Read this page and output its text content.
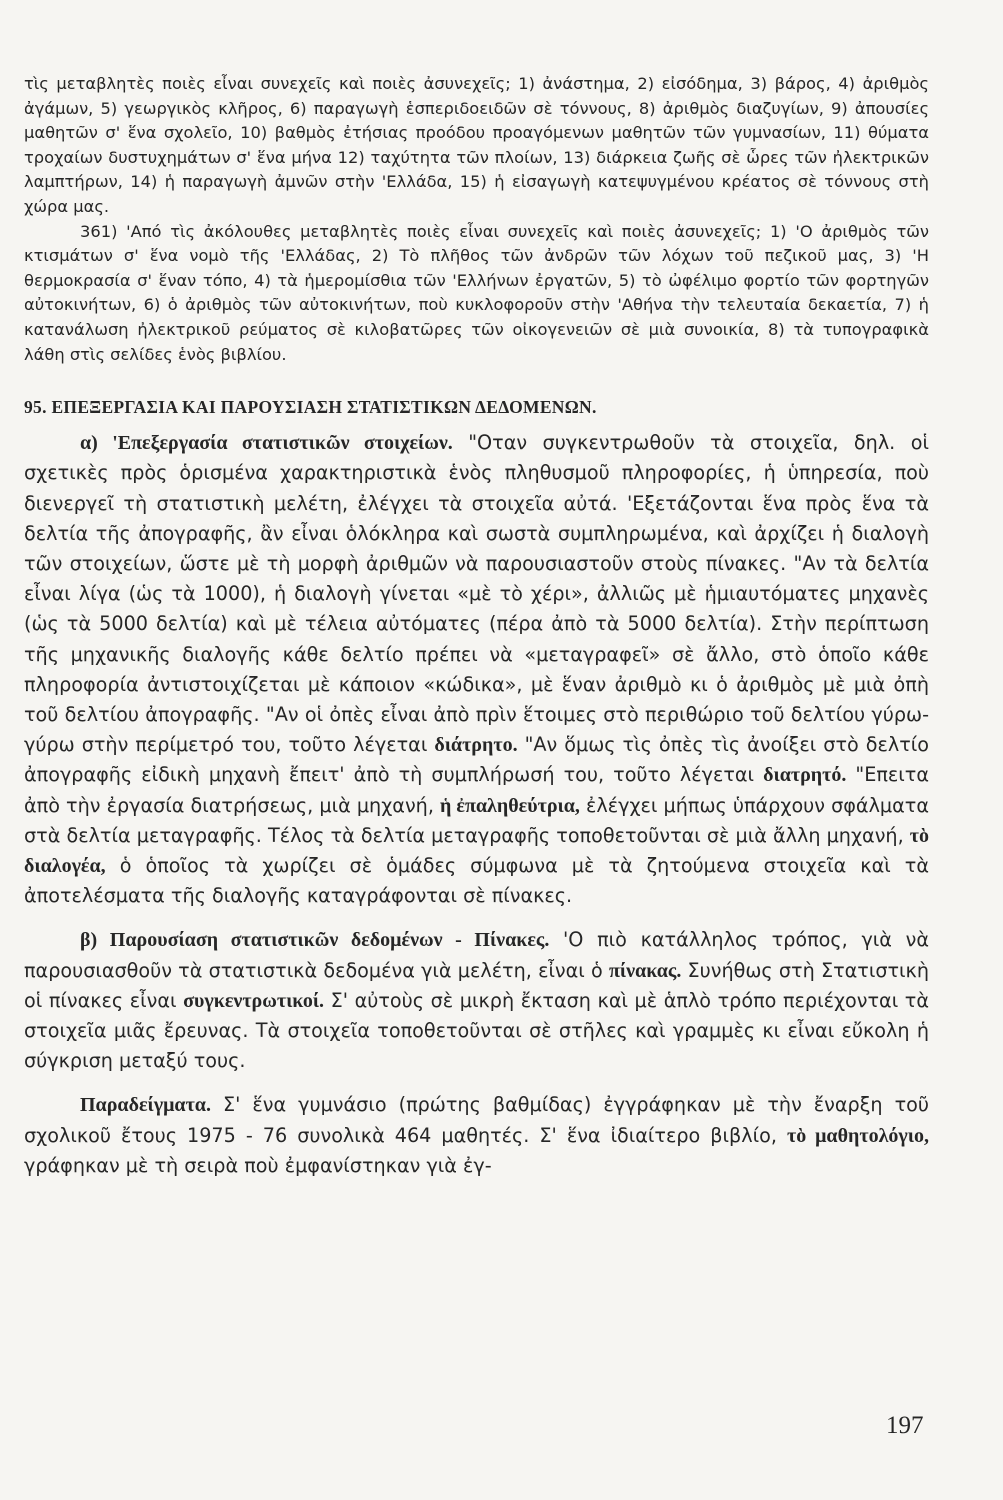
τὶς μεταβλητὲς ποιὲς εἶναι συνεχεῖς καὶ ποιὲς ἀσυνεχεῖς; 1) ἀνάστημα, 2) εἰσόδημα, 3) βάρος, 4) ἀριθμὸς ἀγάμων, 5) γεωργικὸς κλῆρος, 6) παραγωγὴ ἑσπεριδοειδῶν σὲ τόννους, 8) ἀριθμὸς διαζυγίων, 9) ἀπουσίες μαθητῶν σ' ἕνα σχολεῖο, 10) βαθμὸς ἐτήσιας προόδου προαγόμενων μαθητῶν τῶν γυμνασίων, 11) θύματα τροχαίων δυστυχημάτων σ' ἕνα μήνα 12) ταχύτητα τῶν πλοίων, 13) διάρκεια ζωῆς σὲ ὧρες τῶν ἠλεκτρικῶν λαμπτήρων, 14) ἡ παραγωγὴ ἀμνῶν στὴν 'Ελλάδα, 15) ἡ εἰσαγωγὴ κατεψυγμένου κρέατος σὲ τόννους στὴ χώρα μας.

361) 'Από τὶς ἀκόλουθες μεταβλητὲς ποιὲς εἶναι συνεχεῖς καὶ ποιὲς ἀσυνεχεῖς; 1) 'Ο ἀριθμὸς τῶν κτισμάτων σ' ἕνα νομὸ τῆς 'Ελλάδας, 2) Τὸ πλῆθος τῶν ἀνδρῶν τῶν λόχων τοῦ πεζικοῦ μας, 3) 'Η θερμοκρασία σ' ἕναν τόπο, 4) τὰ ἡμερομίσθια τῶν 'Ελλήνων ἐργατῶν, 5) τὸ ὠφέλιμο φορτίο τῶν φορτηγῶν αὐτοκινήτων, 6) ὁ ἀριθμὸς τῶν αὐτοκινήτων, ποὺ κυκλοφοροῦν στὴν 'Αθήνα τὴν τελευταία δεκαετία, 7) ἡ κατανάλωση ἠλεκτρικοῦ ρεύματος σὲ κιλοβατῶρες τῶν οἰκογενειῶν σὲ μιὰ συνοικία, 8) τὰ τυπογραφικὰ λάθη στὶς σελίδες ἑνὸς βιβλίου.

95. ΕΠΕΞΕΡΓΑΣΙΑ ΚΑΙ ΠΑΡΟΥΣΙΑΣΗ ΣΤΑΤΙΣΤΙΚΩΝ ΔΕΔΟΜΕΝΩΝ.

α) 'Επεξεργασία στατιστικῶν στοιχείων. "Οταν συγκεντρωθοῦν τὰ στοιχεῖα, δηλ. οἱ σχετικὲς πρὸς ὁρισμένα χαρακτηριστικὰ ἑνὸς πληθυσμοῦ πληροφορίες, ἡ ὑπηρεσία, ποὺ διενεργεῖ τὴ στατιστικὴ μελέτη, ἐλέγχει τὰ στοιχεῖα αὐτά. 'Εξετάζονται ἕνα πρὸς ἕνα τὰ δελτία τῆς ἀπογραφῆς, ἂν εἶναι ὁλόκληρα καὶ σωστὰ συμπληρωμένα, καὶ ἀρχίζει ἡ διαλογὴ τῶν στοιχείων, ὥστε μὲ τὴ μορφὴ ἀριθμῶν νὰ παρουσιαστοῦν στοὺς πίνακες. "Αν τὰ δελτία εἶναι λίγα (ὡς τὰ 1000), ἡ διαλογὴ γίνεται «μὲ τὸ χέρι», ἀλλιῶς μὲ ἡμιαυτόματες μηχανὲς (ὡς τὰ 5000 δελτία) καὶ μὲ τέλεια αὐτόματες (πέρα ἀπὸ τὰ 5000 δελτία). Στὴν περίπτωση τῆς μηχανικῆς διαλογῆς κάθε δελτίο πρέπει νὰ «μεταγραφεῖ» σὲ ἄλλο, στὸ ὁποῖο κάθε πληροφορία ἀντιστοιχίζεται μὲ κάποιον «κώδικα», μὲ ἕναν ἀριθμὸ κι ὁ ἀριθμὸς μὲ μιὰ ὀπὴ τοῦ δελτίου ἀπογραφῆς. "Αν οἱ ὀπὲς εἶναι ἀπὸ πρὶν ἕτοιμες στὸ περιθώριο τοῦ δελτίου γύρω-γύρω στὴν περίμετρό του, τοῦτο λέγεται διάτρητο. "Αν ὅμως τὶς ὀπὲς τὶς ἀνοίξει στὸ δελτίο ἀπογραφῆς εἰδικὴ μηχανὴ ἔπειτ' ἀπὸ τὴ συμπλήρωσή του, τοῦτο λέγεται διατρητό. "Επειτα ἀπὸ τὴν ἐργασία διατρήσεως, μιὰ μηχανή, ἡ ἐπαληθεύτρια, ἐλέγχει μήπως ὑπάρχουν σφάλματα στὰ δελτία μεταγραφῆς. Τέλος τὰ δελτία μεταγραφῆς τοποθετοῦνται σὲ μιὰ ἄλλη μηχανή, τὸ διαλογέα, ὁ ὁποῖος τὰ χωρίζει σὲ ὁμάδες σύμφωνα μὲ τὰ ζητούμενα στοιχεῖα καὶ τὰ ἀποτελέσματα τῆς διαλογῆς καταγράφονται σὲ πίνακες.

β) Παρουσίαση στατιστικῶν δεδομένων - Πίνακες. 'Ο πιὸ κατάλληλος τρόπος, γιὰ νὰ παρουσιασθοῦν τὰ στατιστικὰ δεδομένα γιὰ μελέτη, εἶναι ὁ πίνακας. Συνήθως στὴ Στατιστικὴ οἱ πίνακες εἶναι συγκεντρωτικοί. Σ' αὐτοὺς σὲ μικρὴ ἔκταση καὶ μὲ ἁπλὸ τρόπο περιέχονται τὰ στοιχεῖα μιᾶς ἔρευνας. Τὰ στοιχεῖα τοποθετοῦνται σὲ στῆλες καὶ γραμμὲς κι εἶναι εὔκολη ἡ σύγκριση μεταξύ τους.

Παραδείγματα. Σ' ἕνα γυμνάσιο (πρώτης βαθμίδας) ἐγγράφηκαν μὲ τὴν ἔναρξη τοῦ σχολικοῦ ἔτους 1975 - 76 συνολικὰ 464 μαθητές. Σ' ἕνα ἰδιαίτερο βιβλίο, τὸ μαθητολόγιο, γράφηκαν μὲ τὴ σειρὰ ποὺ ἐμφανίστηκαν γιὰ ἐγ-

197
